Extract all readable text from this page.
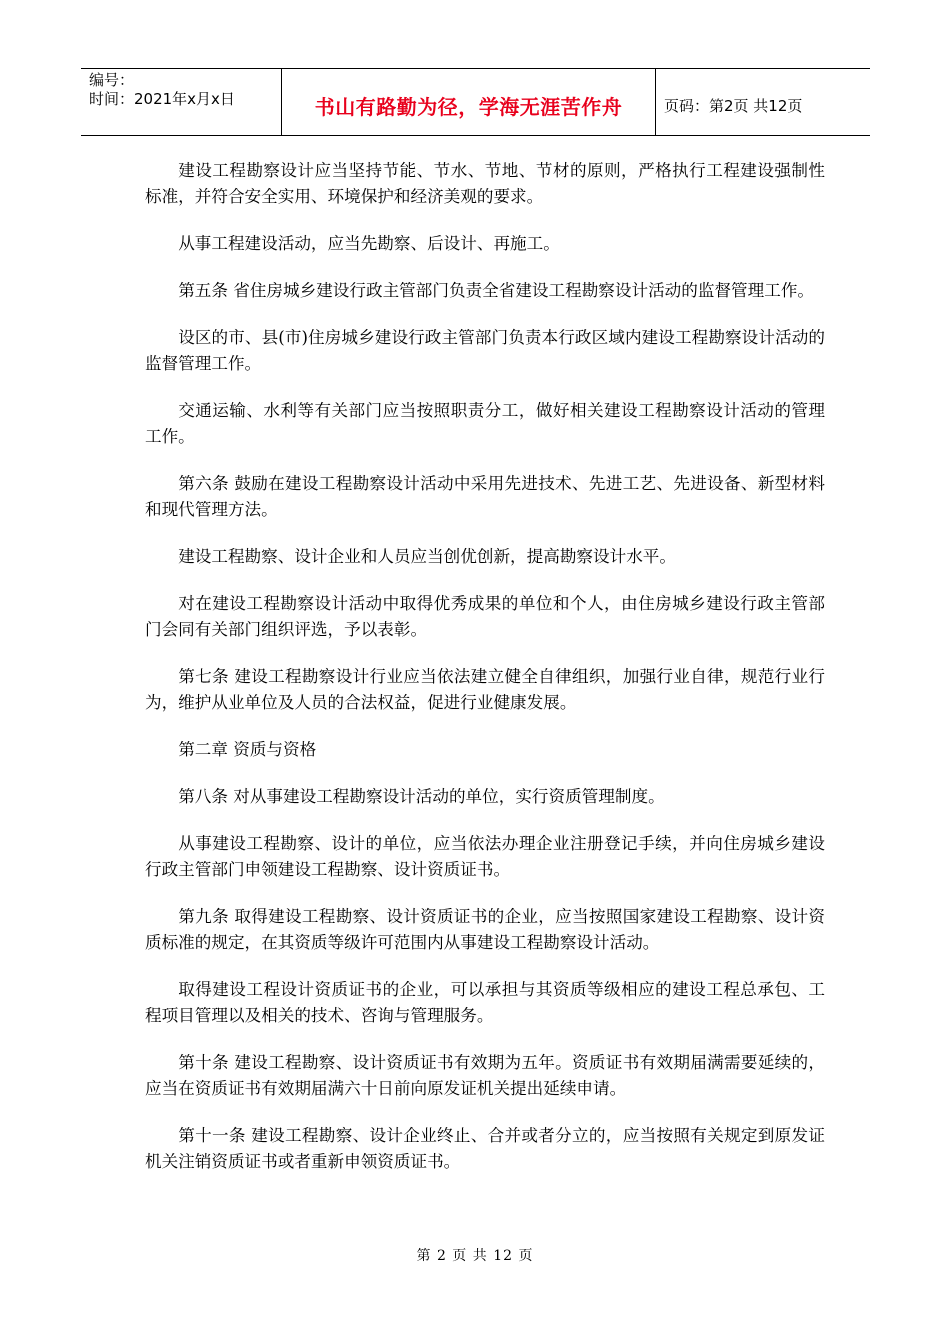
编号：
时间：2021年x月x日	书山有路勤为径，学海无涯苦作舟	页码：第2页 共12页

建设工程勘察设计应当坚持节能、节水、节地、节材的原则，严格执行工程建设强制性标准，并符合安全实用、环境保护和经济美观的要求。

从事工程建设活动，应当先勘察、后设计、再施工。

第五条 省住房城乡建设行政主管部门负责全省建设工程勘察设计活动的监督管理工作。

设区的市、县(市)住房城乡建设行政主管部门负责本行政区域内建设工程勘察设计活动的监督管理工作。

交通运输、水利等有关部门应当按照职责分工，做好相关建设工程勘察设计活动的管理工作。

第六条 鼓励在建设工程勘察设计活动中采用先进技术、先进工艺、先进设备、新型材料和现代管理方法。

建设工程勘察、设计企业和人员应当创优创新，提高勘察设计水平。

对在建设工程勘察设计活动中取得优秀成果的单位和个人，由住房城乡建设行政主管部门会同有关部门组织评选，予以表彰。

第七条 建设工程勘察设计行业应当依法建立健全自律组织，加强行业自律，规范行业行为，维护从业单位及人员的合法权益，促进行业健康发展。

第二章 资质与资格

第八条 对从事建设工程勘察设计活动的单位，实行资质管理制度。

从事建设工程勘察、设计的单位，应当依法办理企业注册登记手续，并向住房城乡建设行政主管部门申领建设工程勘察、设计资质证书。

第九条 取得建设工程勘察、设计资质证书的企业，应当按照国家建设工程勘察、设计资质标准的规定，在其资质等级许可范围内从事建设工程勘察设计活动。

取得建设工程设计资质证书的企业，可以承担与其资质等级相应的建设工程总承包、工程项目管理以及相关的技术、咨询与管理服务。

第十条 建设工程勘察、设计资质证书有效期为五年。资质证书有效期届满需要延续的，应当在资质证书有效期届满六十日前向原发证机关提出延续申请。

第十一条 建设工程勘察、设计企业终止、合并或者分立的，应当按照有关规定到原发证机关注销资质证书或者重新申领资质证书。

第 2 页 共 12 页
